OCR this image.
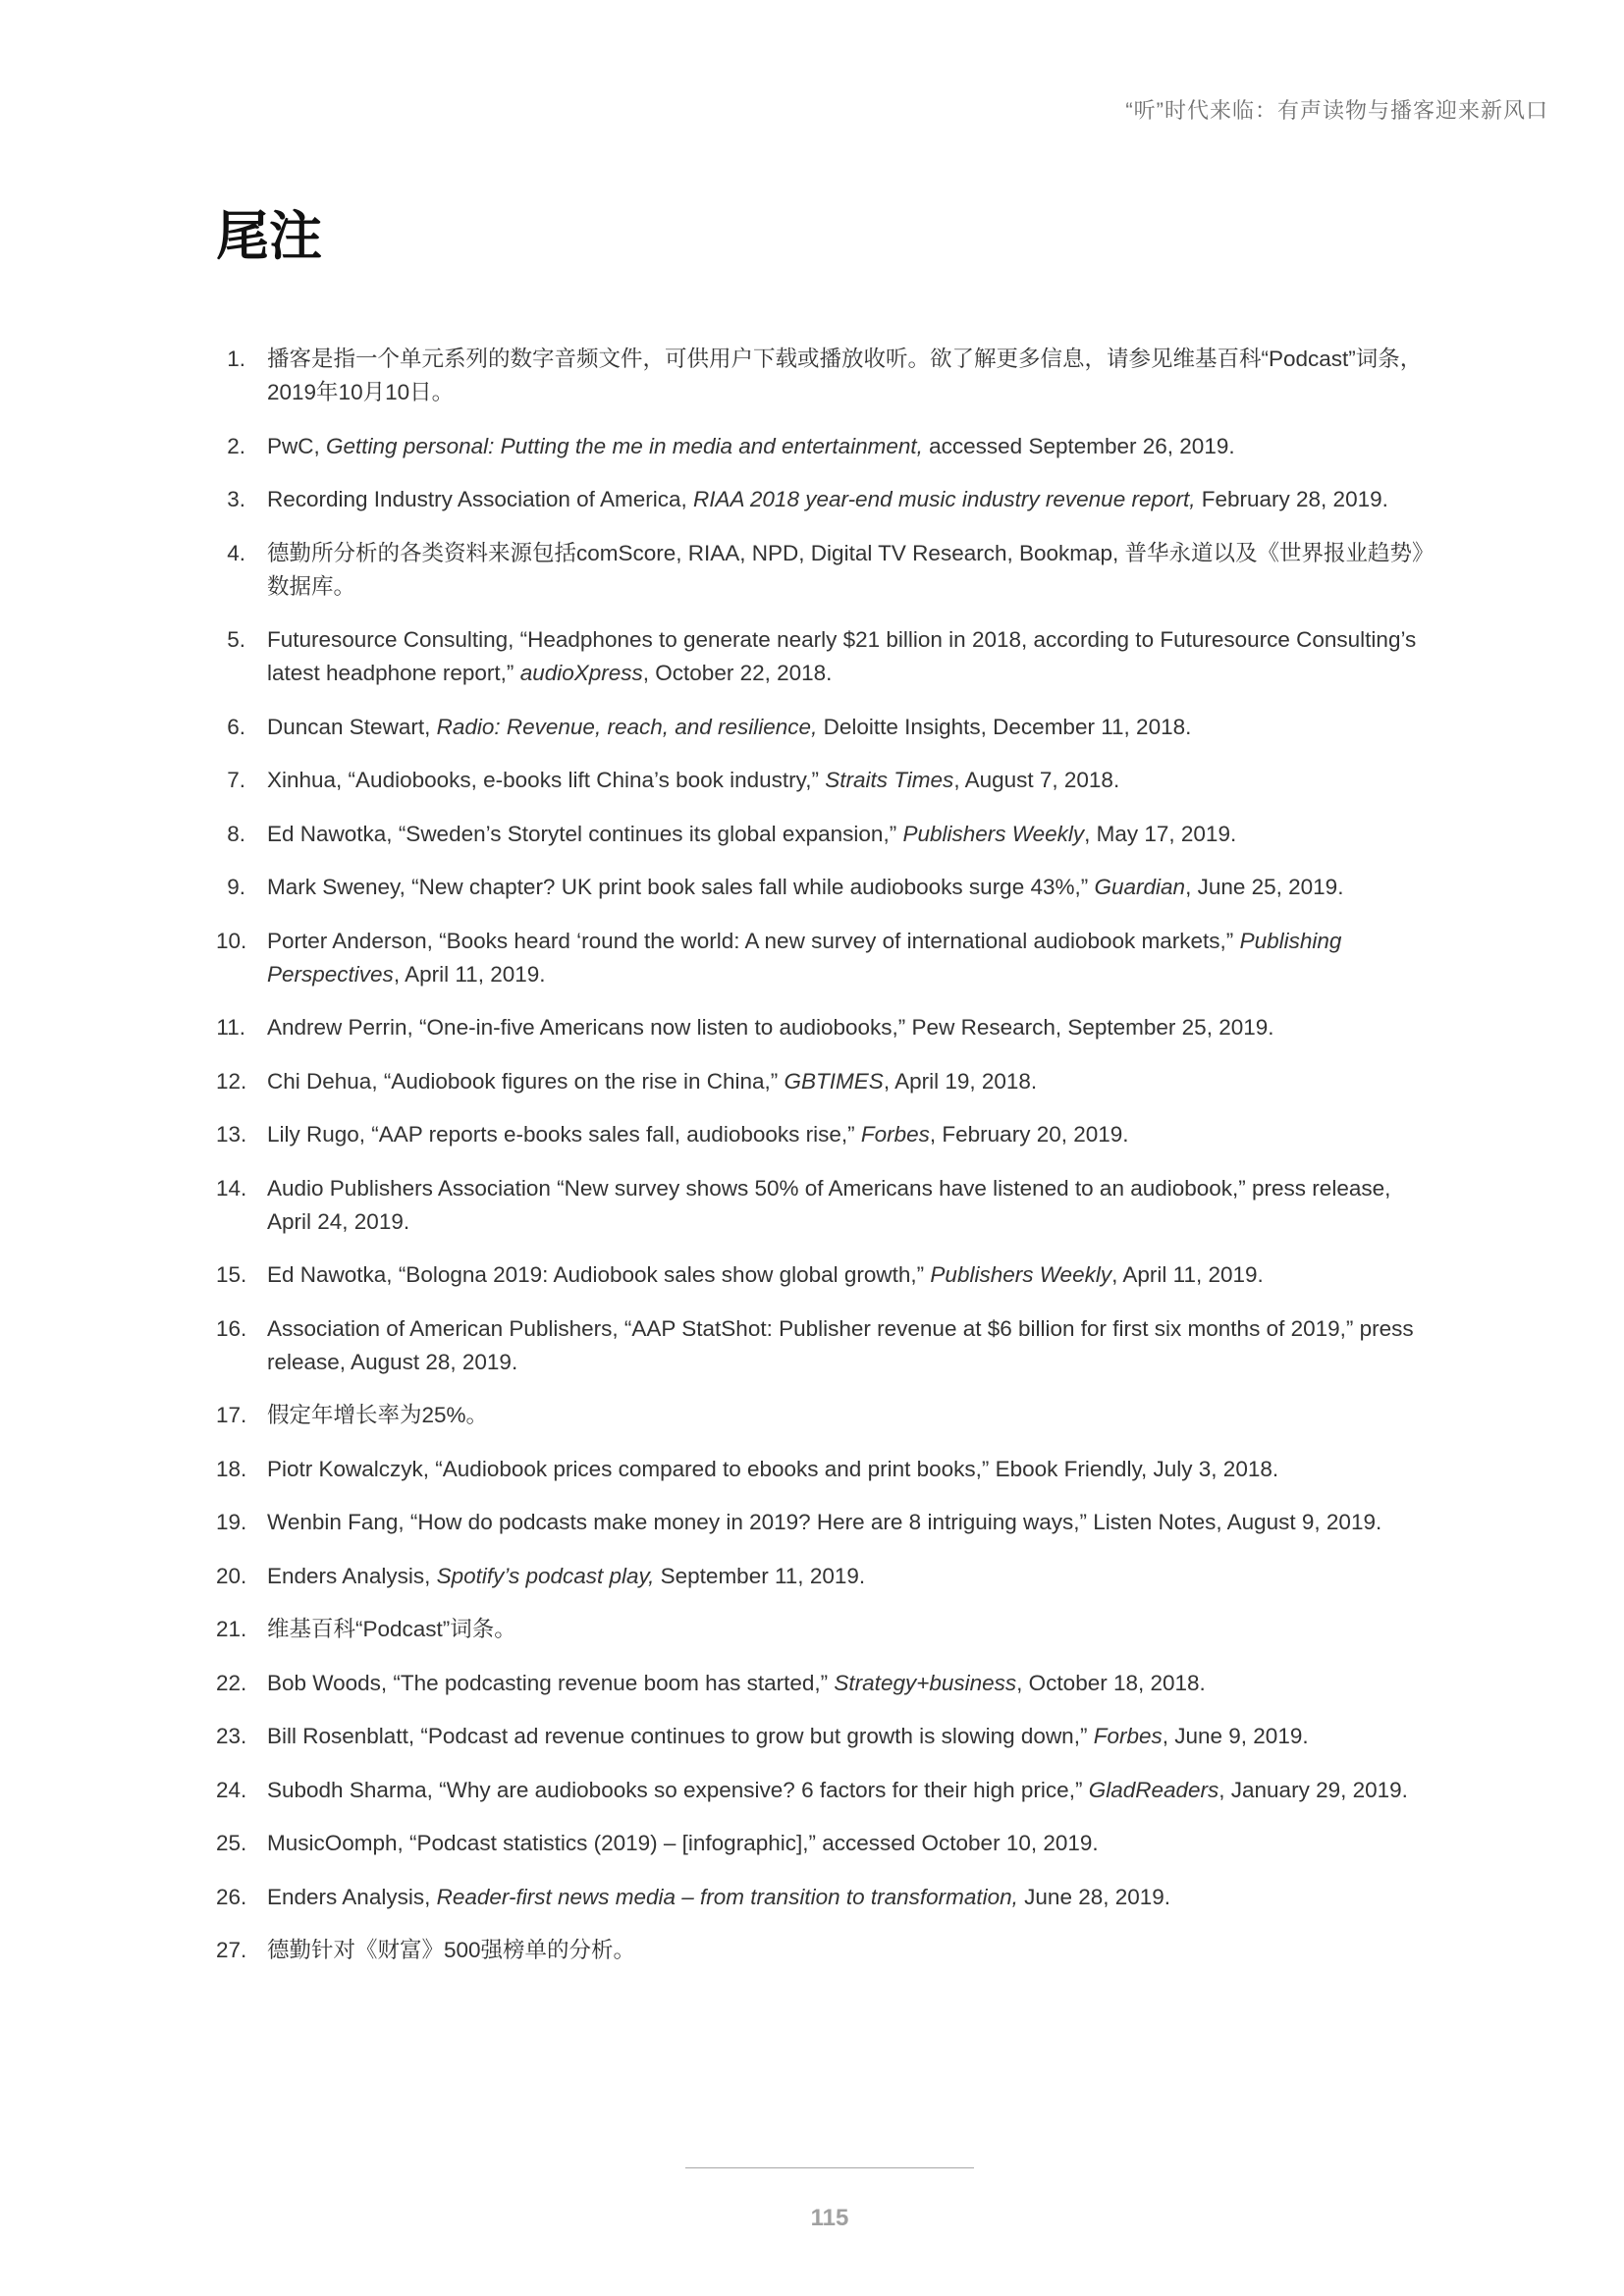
“听”时代来临：有声读物与播客迎来新风口
尾注
1. 播客是指一个单元系列的数字音频文件，可供用户下载或播放收听。欲了解更多信息，请参见维基百科“Podcast”词条，2019年10月10日。
2. PwC, Getting personal: Putting the me in media and entertainment, accessed September 26, 2019.
3. Recording Industry Association of America, RIAA 2018 year-end music industry revenue report, February 28, 2019.
4. 德勤所分析的各类资料来源包括comScore, RIAA, NPD, Digital TV Research, Bookmap, 普华永道以及《世界报业趋势》数据库。
5. Futuresource Consulting, “Headphones to generate nearly $21 billion in 2018, according to Futuresource Consulting’s latest headphone report,” audioXpress, October 22, 2018.
6. Duncan Stewart, Radio: Revenue, reach, and resilience, Deloitte Insights, December 11, 2018.
7. Xinhua, “Audiobooks, e-books lift China’s book industry,” Straits Times, August 7, 2018.
8. Ed Nawotka, “Sweden’s Storytel continues its global expansion,” Publishers Weekly, May 17, 2019.
9. Mark Sweney, “New chapter? UK print book sales fall while audiobooks surge 43%,” Guardian, June 25, 2019.
10. Porter Anderson, “Books heard ‘round the world: A new survey of international audiobook markets,” Publishing Perspectives, April 11, 2019.
11. Andrew Perrin, “One-in-five Americans now listen to audiobooks,” Pew Research, September 25, 2019.
12. Chi Dehua, “Audiobook figures on the rise in China,” GBTIMES, April 19, 2018.
13. Lily Rugo, “AAP reports e-books sales fall, audiobooks rise,” Forbes, February 20, 2019.
14. Audio Publishers Association “New survey shows 50% of Americans have listened to an audiobook,” press release, April 24, 2019.
15. Ed Nawotka, “Bologna 2019: Audiobook sales show global growth,” Publishers Weekly, April 11, 2019.
16. Association of American Publishers, “AAP StatShot: Publisher revenue at $6 billion for first six months of 2019,” press release, August 28, 2019.
17. 假定年增长率为25%。
18. Piotr Kowalczyk, “Audiobook prices compared to ebooks and print books,” Ebook Friendly, July 3, 2018.
19. Wenbin Fang, “How do podcasts make money in 2019? Here are 8 intriguing ways,” Listen Notes, August 9, 2019.
20. Enders Analysis, Spotify’s podcast play, September 11, 2019.
21. 维基百科“Podcast”词条。
22. Bob Woods, “The podcasting revenue boom has started,” Strategy+business, October 18, 2018.
23. Bill Rosenblatt, “Podcast ad revenue continues to grow but growth is slowing down,” Forbes, June 9, 2019.
24. Subodh Sharma, “Why are audiobooks so expensive? 6 factors for their high price,” GladReaders, January 29, 2019.
25. MusicOomph, “Podcast statistics (2019) – [infographic],” accessed October 10, 2019.
26. Enders Analysis, Reader-first news media – from transition to transformation, June 28, 2019.
27. 德勤针对《财富》500强榜单的分析。
115
